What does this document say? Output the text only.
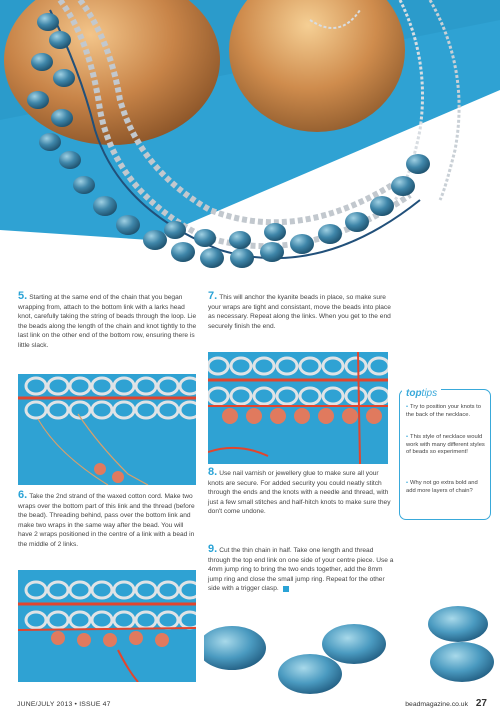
5. Starting at the same end of the chain that you began wrapping from, attach to the bottom link with a larks head knot, carefully taking the string of beads through the loop. Lie the beads along the length of the chain and knot tightly to the last link on the other end of the bottom row, ensuring there is little slack.
6. Take the 2nd strand of the waxed cotton cord. Make two wraps over the bottom part of this link and the thread (before the bead). Threading behind, pass over the bottom link and make two wraps in the same way after the bead. You will have 2 wraps positioned in the centre of a link with a bead in the middle of 2 links.
7. This will anchor the kyanite beads in place, so make sure your wraps are tight and consistant, move the beads into place as necessary. Repeat along the links. When you get to the end securely finish the end.
8. Use nail varnish or jewellery glue to make sure all your knots are secure. For added security you could neatly stitch through the ends and the knots with a needle and thread, with just a few small stitches and half-hitch knots to make sure they don't come undone.
9. Cut the thin chain in half. Take one length and thread through the top end link on one side of your centre piece. Use a 4mm jump ring to bring the two ends together, add the 8mm jump ring and close the small jump ring. Repeat for the other side with a trigger clasp.
toptips
• Try to position your knots to the back of the necklace.
• This style of necklace would work with many different styles of beads so experiment!
• Why not go extra bold and add more layers of chain?
JUNE/JULY 2013 • ISSUE 47	beadmagazine.co.uk 27
